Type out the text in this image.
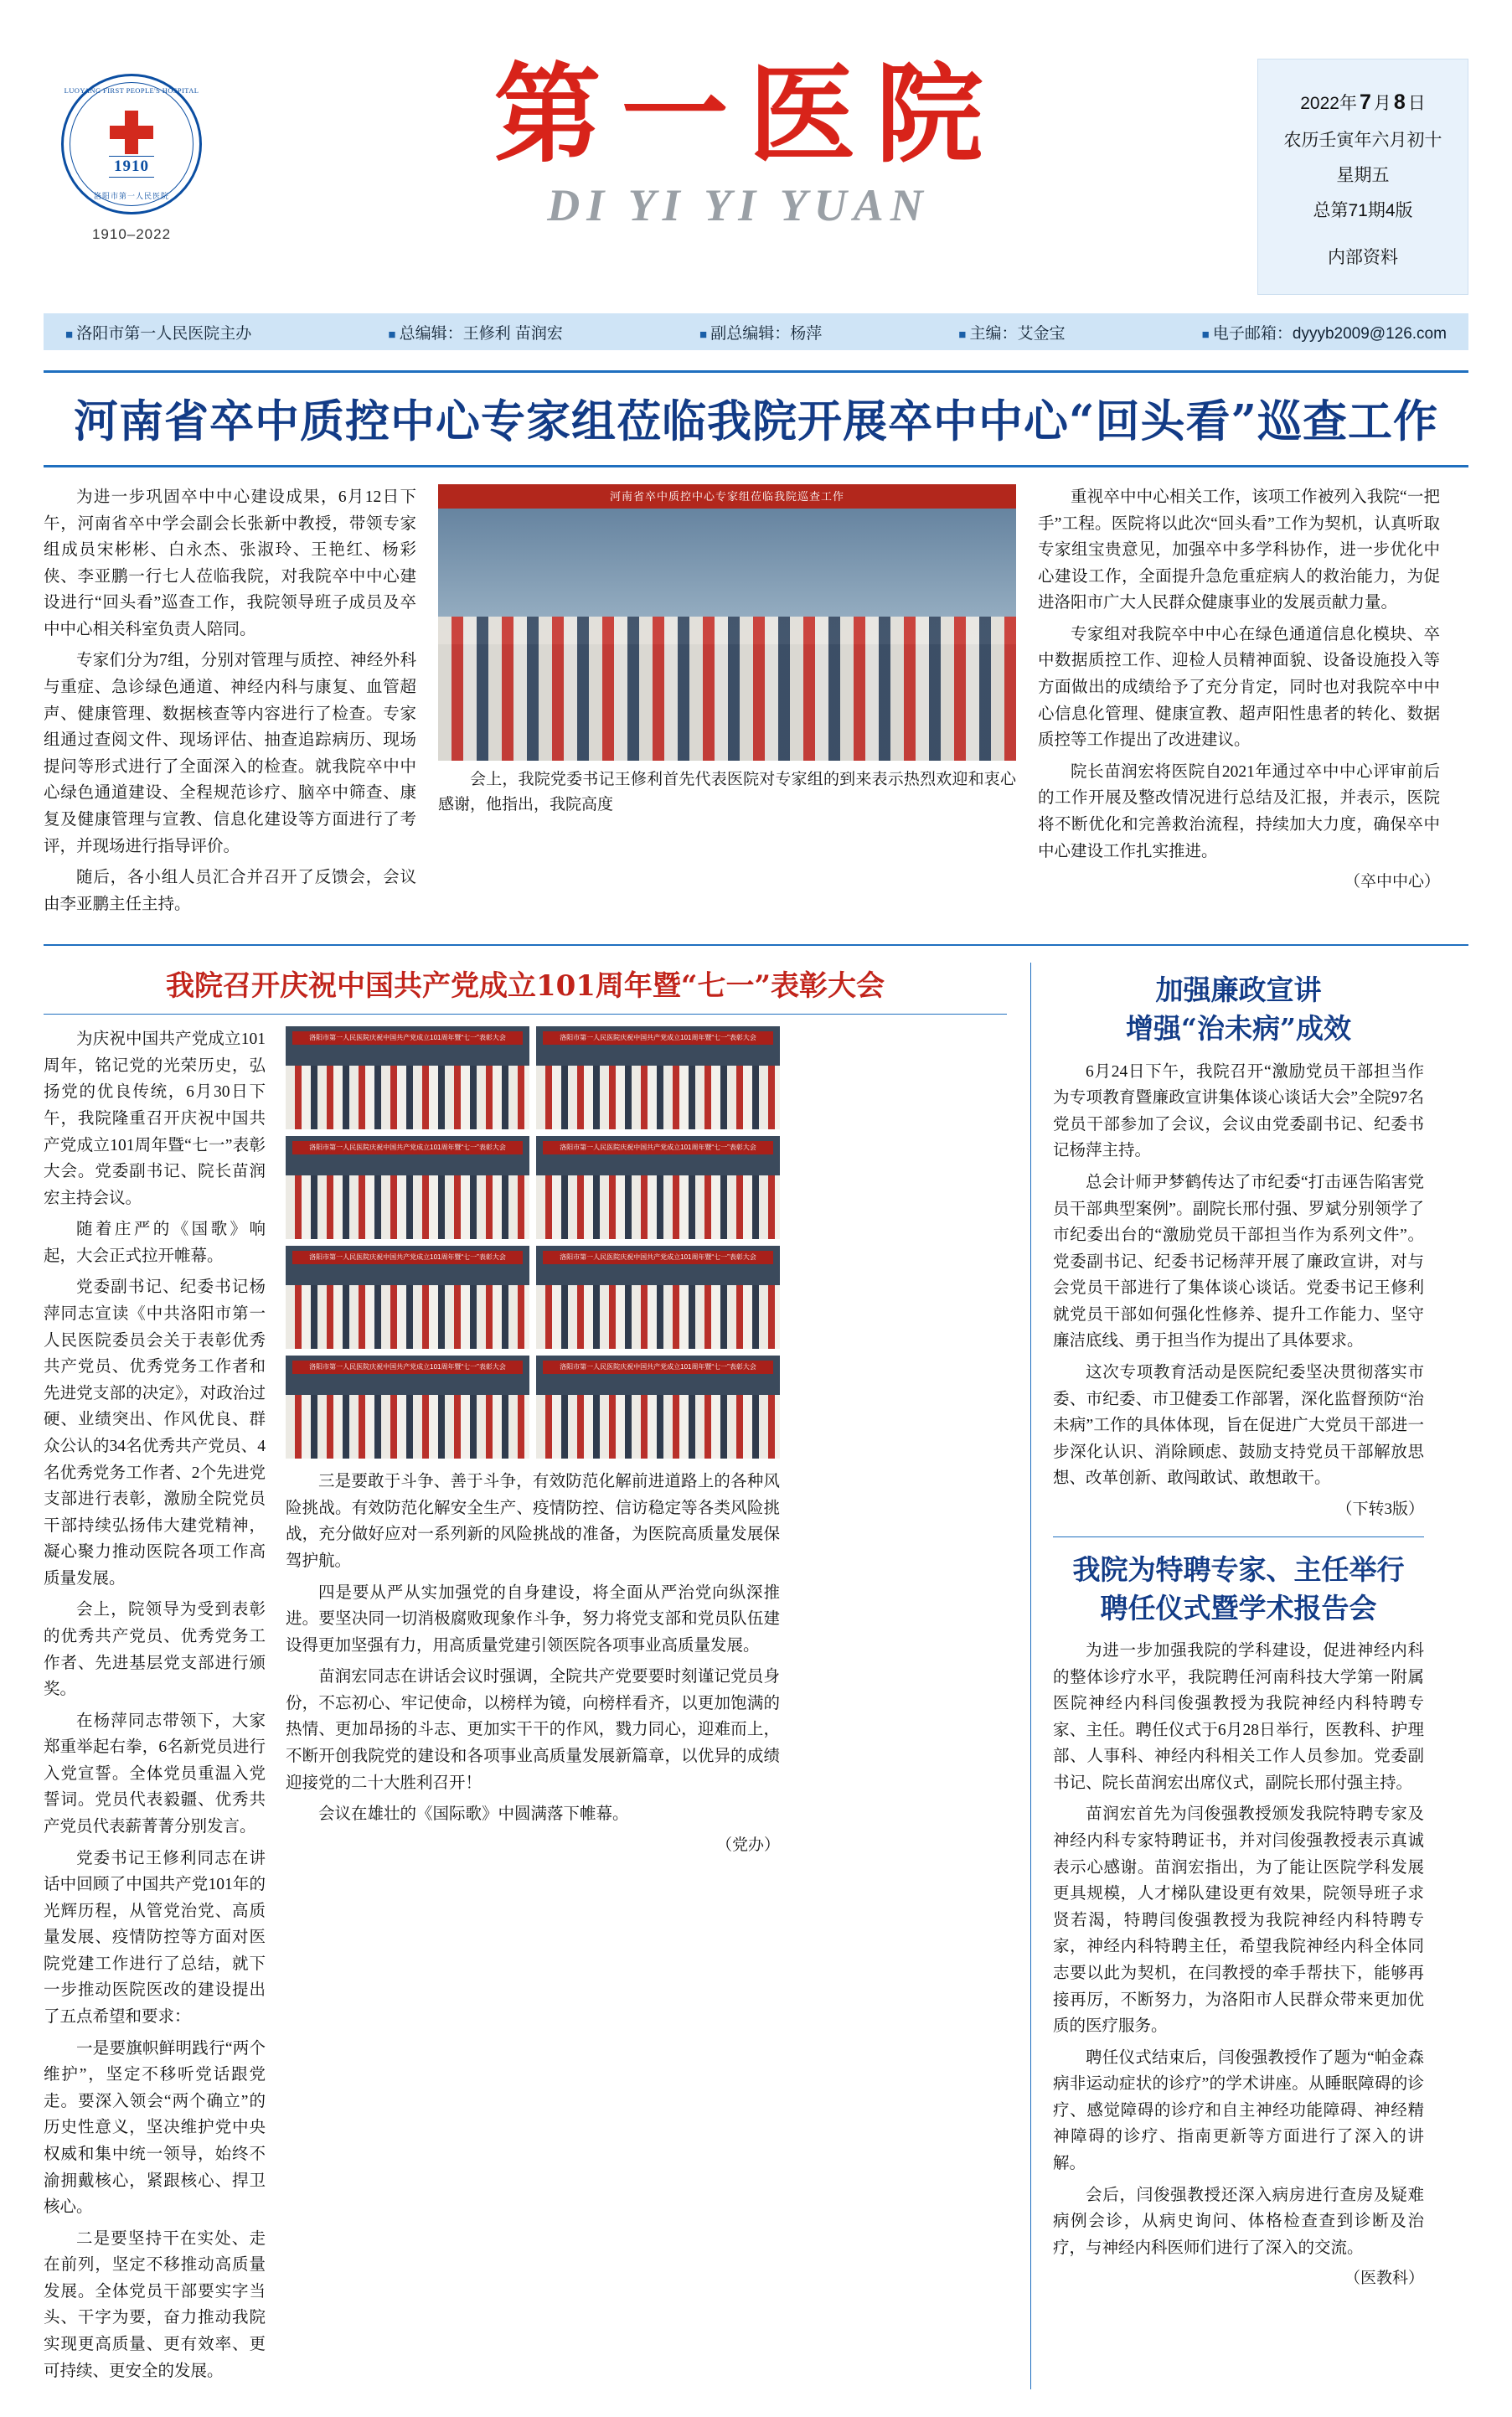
LUOYANG FIRST PEOPLE'S HOSPITAL
1910
洛阳市第一人民医院
1910–2022
第一医院
DI YI YI YUAN
2022年 7 月 8 日
农历壬寅年六月初十
星期五
总第71期4版
内部资料
■ 洛阳市第一人民医院主办	■ 总编辑：王修利 苗润宏	■ 副总编辑：杨萍	■ 主编：艾金宝	■ 电子邮箱：dyyyb2009@126.com
河南省卒中质控中心专家组莅临我院开展卒中中心“回头看”巡查工作

为进一步巩固卒中中心建设成果，6月12日下午，河南省卒中学会副会长张新中教授，带领专家组成员宋彬彬、白永杰、张淑玲、王艳红、杨彩侠、李亚鹏一行七人莅临我院，对我院卒中中心建设进行“回头看”巡查工作，我院领导班子成员及卒中中心相关科室负责人陪同。

专家们分为7组，分别对管理与质控、神经外科与重症、急诊绿色通道、神经内科与康复、血管超声、健康管理、数据核查等内容进行了检查。专家组通过查阅文件、现场评估、抽查追踪病历、现场提问等形式进行了全面深入的检查。就我院卒中中心绿色通道建设、全程规范诊疗、脑卒中筛查、康复及健康管理与宣教、信息化建设等方面进行了考评，并现场进行指导评价。

随后，各小组人员汇合并召开了反馈会，会议由李亚鹏主任主持。

河南省卒中质控中心专家组莅临我院巡查工作
会上，我院党委书记王修利首先代表医院对专家组的到来表示热烈欢迎和衷心感谢，他指出，我院高度

重视卒中中心相关工作，该项工作被列入我院“一把手”工程。医院将以此次“回头看”工作为契机，认真听取专家组宝贵意见，加强卒中多学科协作，进一步优化中心建设工作，全面提升急危重症病人的救治能力，为促进洛阳市广大人民群众健康事业的发展贡献力量。

专家组对我院卒中中心在绿色通道信息化模块、卒中数据质控工作、迎检人员精神面貌、设备设施投入等方面做出的成绩给予了充分肯定，同时也对我院卒中中心信息化管理、健康宣教、超声阳性患者的转化、数据质控等工作提出了改进建议。

院长苗润宏将医院自2021年通过卒中中心评审前后的工作开展及整改情况进行总结及汇报，并表示，医院将不断优化和完善救治流程，持续加大力度，确保卒中中心建设工作扎实推进。

（卒中中心）
我院召开庆祝中国共产党成立101周年暨“七一”表彰大会

为庆祝中国共产党成立101周年，铭记党的光荣历史，弘扬党的优良传统，6月30日下午，我院隆重召开庆祝中国共产党成立101周年暨“七一”表彰大会。党委副书记、院长苗润宏主持会议。

随着庄严的《国歌》响起，大会正式拉开帷幕。

党委副书记、纪委书记杨萍同志宣读《中共洛阳市第一人民医院委员会关于表彰优秀共产党员、优秀党务工作者和先进党支部的决定》，对政治过硬、业绩突出、作风优良、群众公认的34名优秀共产党员、4名优秀党务工作者、2个先进党支部进行表彰，激励全院党员干部持续弘扬伟大建党精神，凝心聚力推动医院各项工作高质量发展。

会上，院领导为受到表彰的优秀共产党员、优秀党务工作者、先进基层党支部进行颁奖。

在杨萍同志带领下，大家郑重举起右拳，6名新党员进行入党宣誓。全体党员重温入党誓词。党员代表毅疆、优秀共产党员代表薪菁菁分别发言。

党委书记王修利同志在讲话中回顾了中国共产党101年的光辉历程，从管党治党、高质量发展、疫情防控等方面对医院党建工作进行了总结，就下一步推动医院医改的建设提出了五点希望和要求：

一是要旗帜鲜明践行“两个维护”，坚定不移听党话跟党走。要深入领会“两个确立”的历史性意义，坚决维护党中央权威和集中统一领导，始终不渝拥戴核心，紧跟核心、捍卫核心。

二是要坚持干在实处、走在前列，坚定不移推动高质量发展。全体党员干部要实字当头、干字为要，奋力推动我院实现更高质量、更有效率、更可持续、更安全的发展。

洛阳市第一人民医院庆祝中国共产党成立101周年暨“七一”表彰大会	洛阳市第一人民医院庆祝中国共产党成立101周年暨“七一”表彰大会
洛阳市第一人民医院庆祝中国共产党成立101周年暨“七一”表彰大会	洛阳市第一人民医院庆祝中国共产党成立101周年暨“七一”表彰大会
洛阳市第一人民医院庆祝中国共产党成立101周年暨“七一”表彰大会	洛阳市第一人民医院庆祝中国共产党成立101周年暨“七一”表彰大会
洛阳市第一人民医院庆祝中国共产党成立101周年暨“七一”表彰大会	洛阳市第一人民医院庆祝中国共产党成立101周年暨“七一”表彰大会

三是要敢于斗争、善于斗争，有效防范化解前进道路上的各种风险挑战。有效防范化解安全生产、疫情防控、信访稳定等各类风险挑战，充分做好应对一系列新的风险挑战的准备，为医院高质量发展保驾护航。

四是要从严从实加强党的自身建设，将全面从严治党向纵深推进。要坚决同一切消极腐败现象作斗争，努力将党支部和党员队伍建设得更加坚强有力，用高质量党建引领医院各项事业高质量发展。

苗润宏同志在讲话会议时强调，全院共产党要要时刻谨记党员身份，不忘初心、牢记使命，以榜样为镜，向榜样看齐，以更加饱满的热情、更加昂扬的斗志、更加实干干的作风，戮力同心，迎难而上，不断开创我院党的建设和各项事业高质量发展新篇章，以优异的成绩迎接党的二十大胜利召开！

会议在雄壮的《国际歌》中圆满落下帷幕。

（党办）
加强廉政宣讲
增强“治未病”成效

6月24日下午，我院召开“激励党员干部担当作为专项教育暨廉政宣讲集体谈心谈话大会”全院97名党员干部参加了会议，会议由党委副书记、纪委书记杨萍主持。

总会计师尹梦鹤传达了市纪委“打击诬告陷害党员干部典型案例”。副院长邢付强、罗斌分别领学了市纪委出台的“激励党员干部担当作为系列文件”。党委副书记、纪委书记杨萍开展了廉政宣讲，对与会党员干部进行了集体谈心谈话。党委书记王修利就党员干部如何强化性修养、提升工作能力、坚守廉洁底线、勇于担当作为提出了具体要求。

这次专项教育活动是医院纪委坚决贯彻落实市委、市纪委、市卫健委工作部署，深化监督预防“治未病”工作的具体体现，旨在促进广大党员干部进一步深化认识、消除顾虑、鼓励支持党员干部解放思想、改革创新、敢闯敢试、敢想敢干。

（下转3版）
我院为特聘专家、主任举行
聘任仪式暨学术报告会

为进一步加强我院的学科建设，促进神经内科的整体诊疗水平，我院聘任河南科技大学第一附属医院神经内科闫俊强教授为我院神经内科特聘专家、主任。聘任仪式于6月28日举行，医教科、护理部、人事科、神经内科相关工作人员参加。党委副书记、院长苗润宏出席仪式，副院长邢付强主持。

苗润宏首先为闫俊强教授颁发我院特聘专家及神经内科专家特聘证书，并对闫俊强教授表示真诚表示心感谢。苗润宏指出，为了能让医院学科发展更具规模，人才梯队建设更有效果，院领导班子求贤若渴，特聘闫俊强教授为我院神经内科特聘专家，神经内科特聘主任，希望我院神经内科全体同志要以此为契机，在闫教授的牵手帮扶下，能够再接再厉，不断努力，为洛阳市人民群众带来更加优质的医疗服务。

聘任仪式结束后，闫俊强教授作了题为“帕金森病非运动症状的诊疗”的学术讲座。从睡眠障碍的诊疗、感觉障碍的诊疗和自主神经功能障碍、神经精神障碍的诊疗、指南更新等方面进行了深入的讲解。

会后，闫俊强教授还深入病房进行查房及疑难病例会诊，从病史询问、体格检查查到诊断及治疗，与神经内科医师们进行了深入的交流。

（医教科）
